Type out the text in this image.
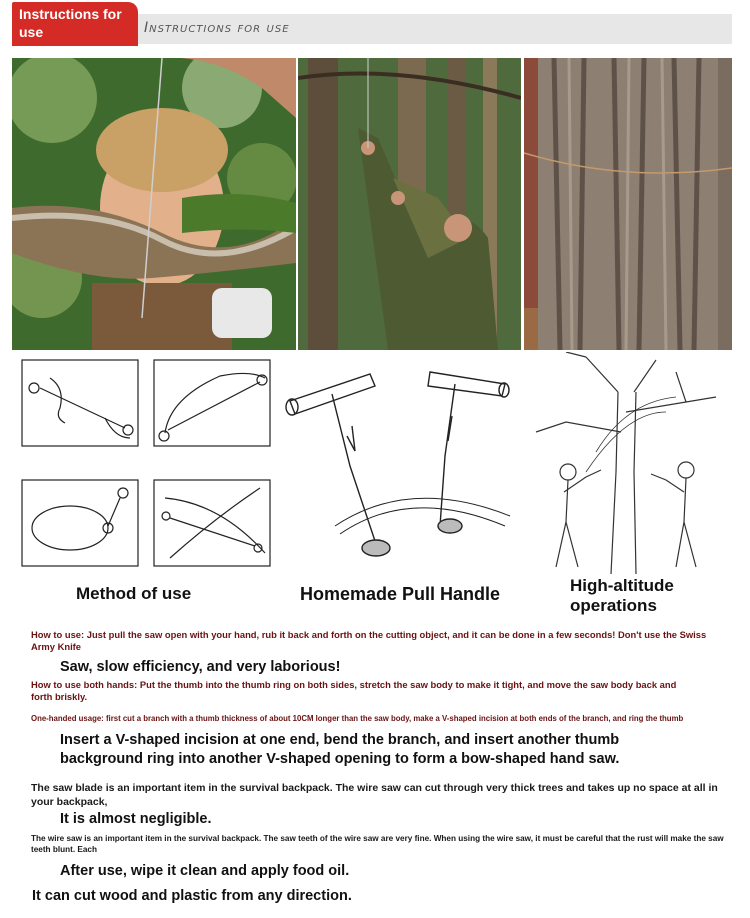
Instructions for use	Instructions for use
Method of use	Homemade Pull Handle	High-altitude operations
How to use: Just pull the saw open with your hand, rub it back and forth on the cutting object, and it can be done in a few seconds! Don't use the Swiss Army Knife
Saw, slow efficiency, and very laborious!
How to use both hands: Put the thumb into the thumb ring on both sides, stretch the saw body to make it tight, and move the saw body back and forth briskly.
One-handed usage: first cut a branch with a thumb thickness of about 10CM longer than the saw body, make a V-shaped incision at both ends of the branch, and ring the thumb
Insert a V-shaped incision at one end, bend the branch, and insert another thumb background ring into another V-shaped opening to form a bow-shaped hand saw.
The saw blade is an important item in the survival backpack. The wire saw can cut through very thick trees and takes up no space at all in your backpack,
It is almost negligible.
The wire saw is an important item in the survival backpack. The saw teeth of the wire saw are very fine. When using the wire saw, it must be careful that the rust will make the saw teeth blunt. Each
After use, wipe it clean and apply food oil.
It can cut wood and plastic from any direction.
